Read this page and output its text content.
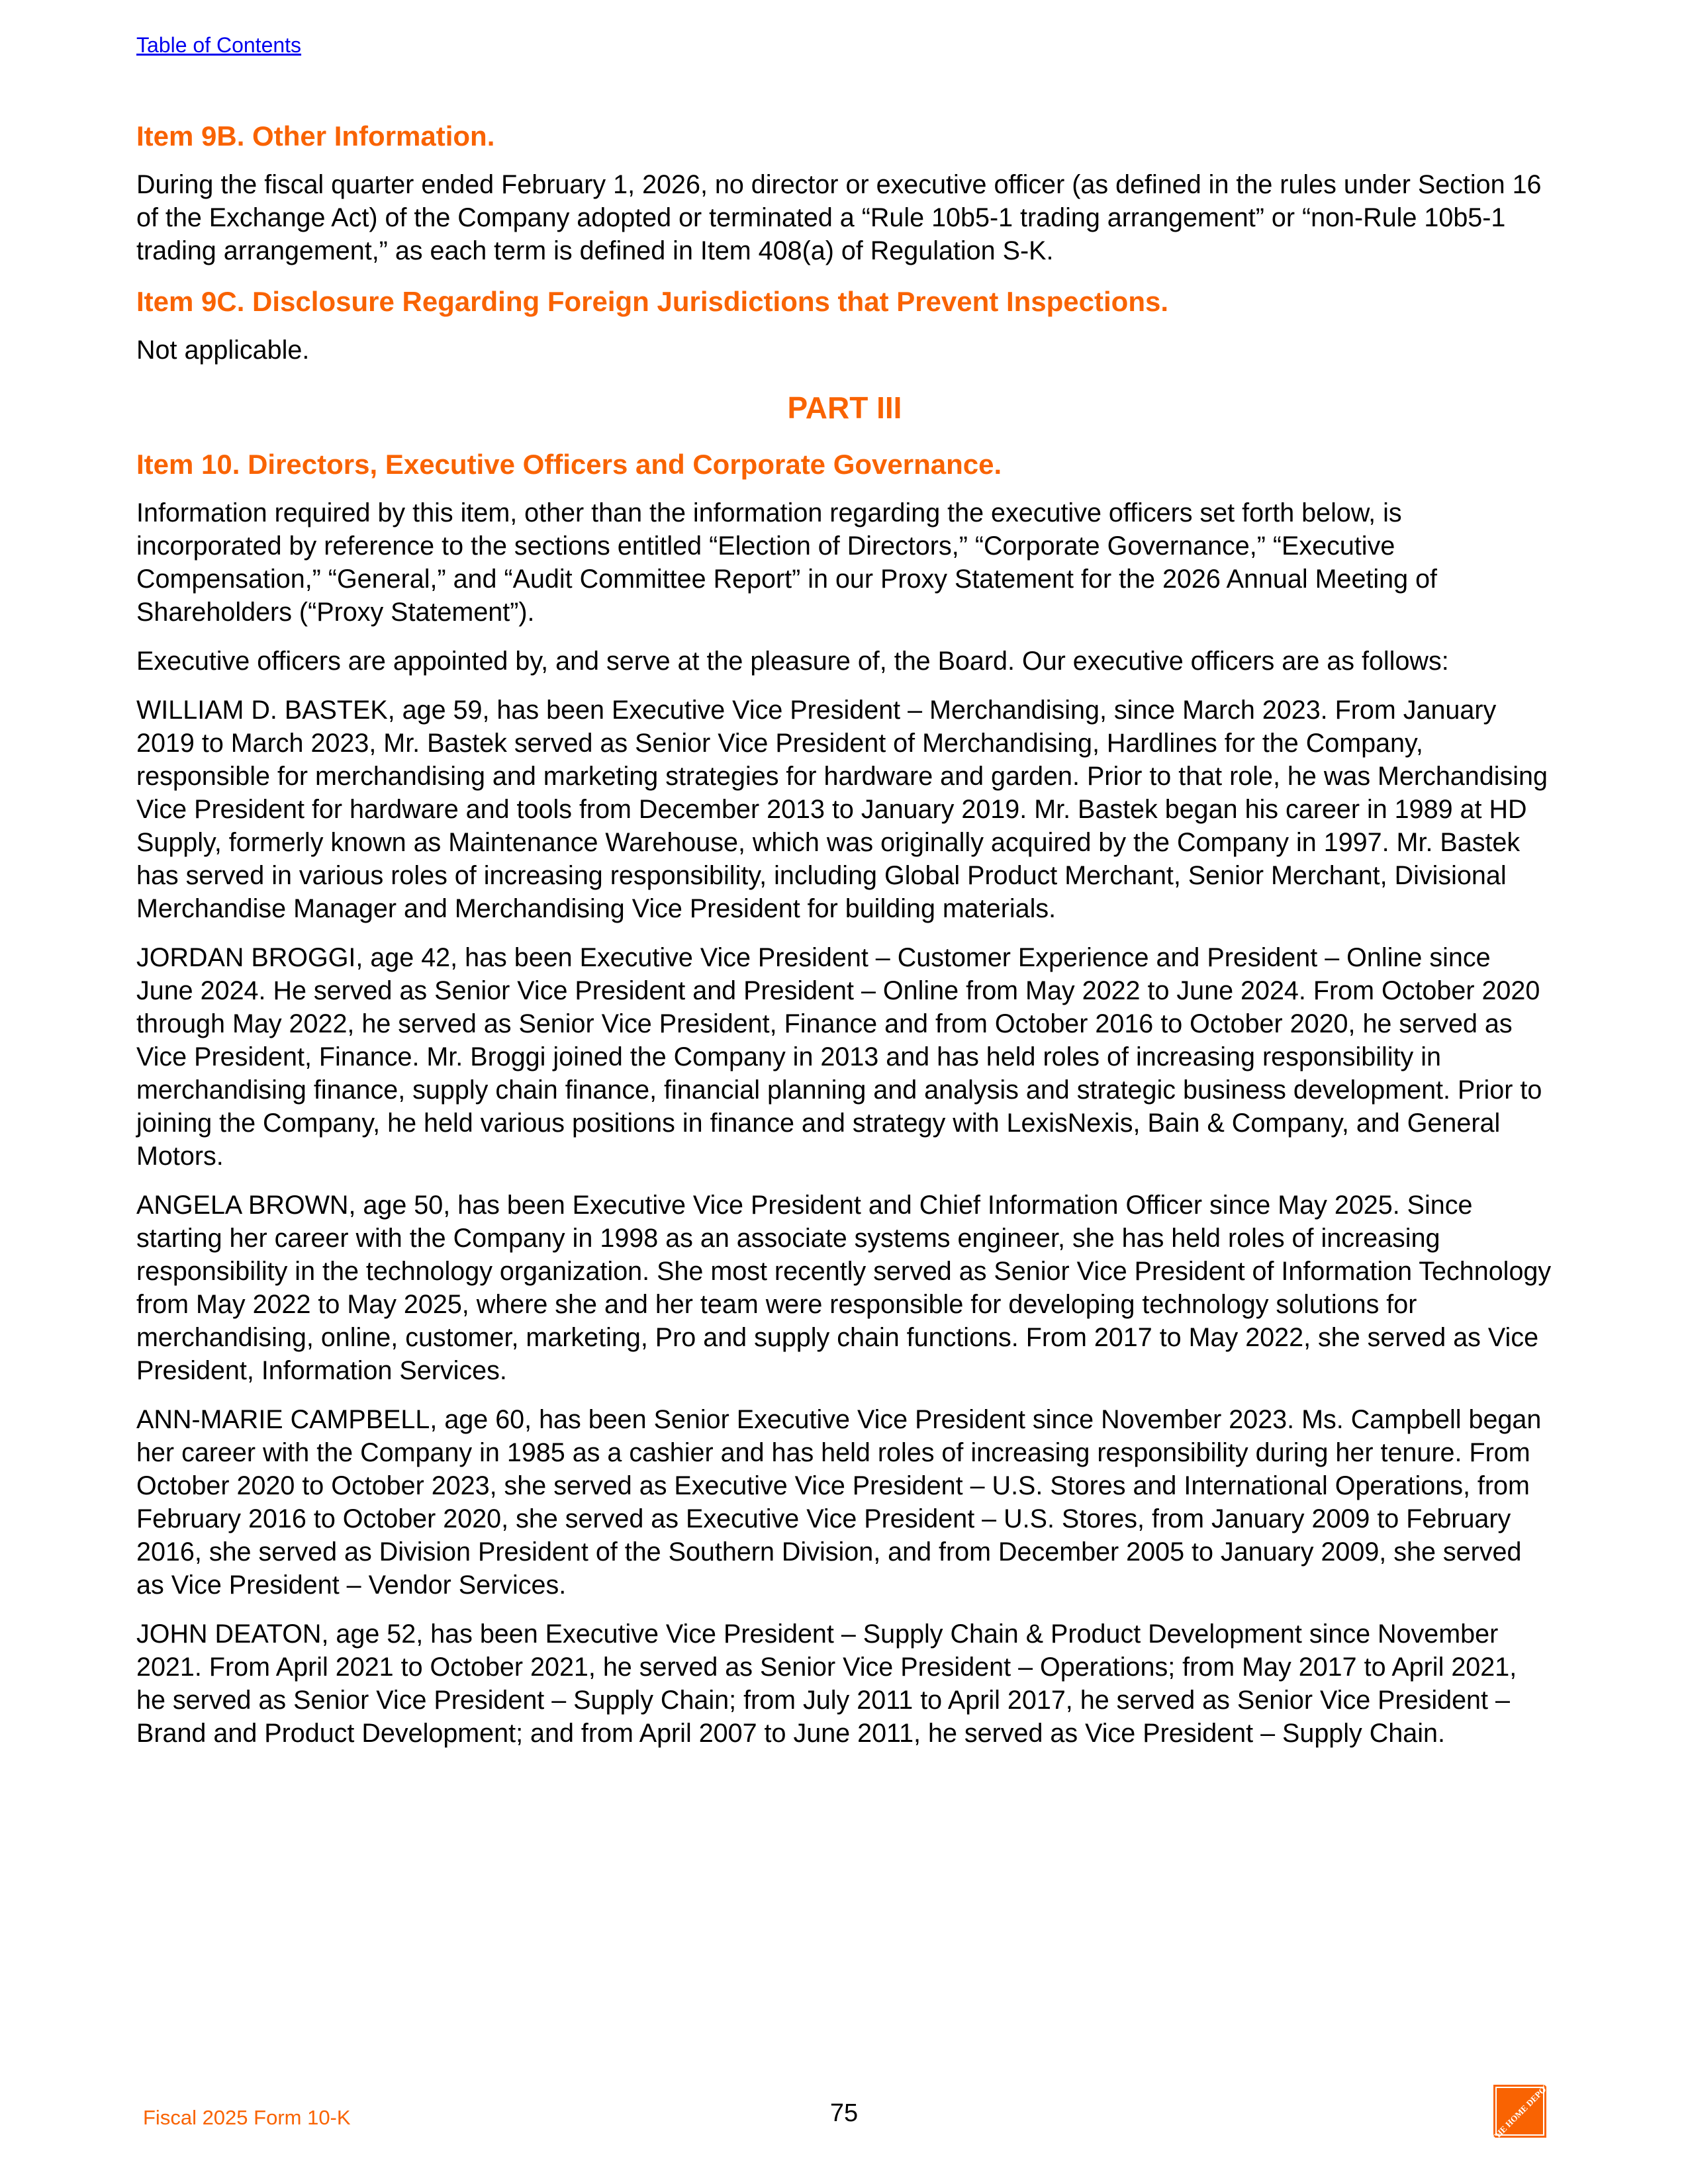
Table of Contents
Item 9B. Other Information.

During the fiscal quarter ended February 1, 2026, no director or executive officer (as defined in the rules under Section 16 of the Exchange Act) of the Company adopted or terminated a “Rule 10b5-1 trading arrangement” or “non-Rule 10b5-1 trading arrangement,” as each term is defined in Item 408(a) of Regulation S-K.

Item 9C. Disclosure Regarding Foreign Jurisdictions that Prevent Inspections.

Not applicable.

PART III
Item 10. Directors, Executive Officers and Corporate Governance.

Information required by this item, other than the information regarding the executive officers set forth below, is incorporated by reference to the sections entitled “Election of Directors,” “Corporate Governance,” “Executive Compensation,” “General,” and “Audit Committee Report” in our Proxy Statement for the 2026 Annual Meeting of Shareholders (“Proxy Statement”).

Executive officers are appointed by, and serve at the pleasure of, the Board. Our executive officers are as follows:

WILLIAM D. BASTEK, age 59, has been Executive Vice President – Merchandising, since March 2023. From January 2019 to March 2023, Mr. Bastek served as Senior Vice President of Merchandising, Hardlines for the Company, responsible for merchandising and marketing strategies for hardware and garden. Prior to that role, he was Merchandising Vice President for hardware and tools from December 2013 to January 2019. Mr. Bastek began his career in 1989 at HD Supply, formerly known as Maintenance Warehouse, which was originally acquired by the Company in 1997. Mr. Bastek has served in various roles of increasing responsibility, including Global Product Merchant, Senior Merchant, Divisional Merchandise Manager and Merchandising Vice President for building materials.

JORDAN BROGGI, age 42, has been Executive Vice President – Customer Experience and President – Online since June 2024. He served as Senior Vice President and President – Online from May 2022 to June 2024. From October 2020 through May 2022, he served as Senior Vice President, Finance and from October 2016 to October 2020, he served as Vice President, Finance. Mr. Broggi joined the Company in 2013 and has held roles of increasing responsibility in merchandising finance, supply chain finance, financial planning and analysis and strategic business development. Prior to joining the Company, he held various positions in finance and strategy with LexisNexis, Bain & Company, and General Motors.

ANGELA BROWN, age 50, has been Executive Vice President and Chief Information Officer since May 2025. Since starting her career with the Company in 1998 as an associate systems engineer, she has held roles of increasing responsibility in the technology organization. She most recently served as Senior Vice President of Information Technology from May 2022 to May 2025, where she and her team were responsible for developing technology solutions for merchandising, online, customer, marketing, Pro and supply chain functions. From 2017 to May 2022, she served as Vice President, Information Services.

ANN-MARIE CAMPBELL, age 60, has been Senior Executive Vice President since November 2023. Ms. Campbell began her career with the Company in 1985 as a cashier and has held roles of increasing responsibility during her tenure. From October 2020 to October 2023, she served as Executive Vice President – U.S. Stores and International Operations, from February 2016 to October 2020, she served as Executive Vice President – U.S. Stores, from January 2009 to February 2016, she served as Division President of the Southern Division, and from December 2005 to January 2009, she served as Vice President – Vendor Services.

JOHN DEATON, age 52, has been Executive Vice President – Supply Chain & Product Development since November 2021. From April 2021 to October 2021, he served as Senior Vice President – Operations; from May 2017 to April 2021, he served as Senior Vice President – Supply Chain; from July 2011 to April 2017, he served as Senior Vice President – Brand and Product Development; and from April 2007 to June 2011, he served as Vice President – Supply Chain.

Fiscal 2025 Form 10-K	75	THE HOME DEPOT
